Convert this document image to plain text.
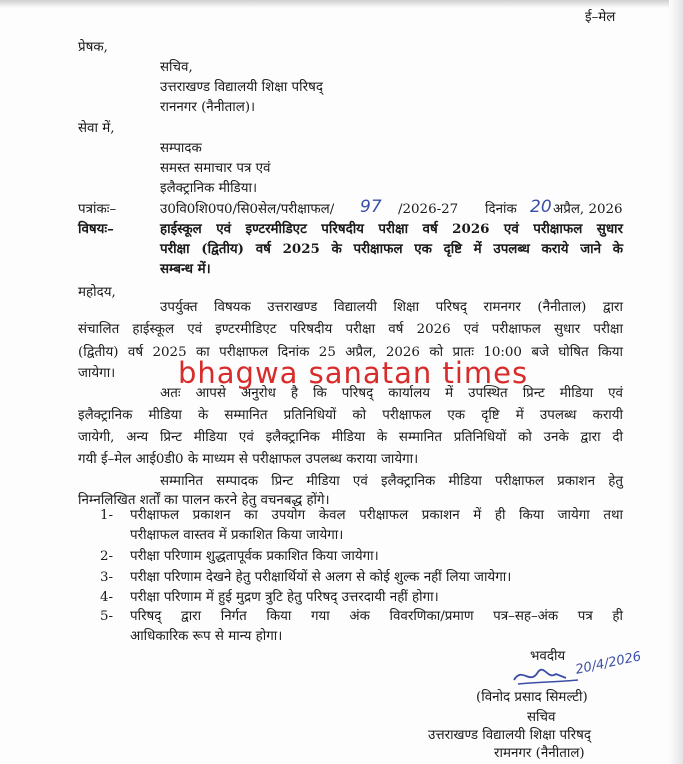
ई–मेल
प्रेषक,
सचिव,
उत्तराखण्ड विद्यालयी शिक्षा परिषद्
राननगर (नैनीताल)।
सेवा में,
सम्पादक
समस्त समाचार पत्र एवं
इलैक्ट्रानिक मीडिया।
पत्रांकः–	उ0वि0शि0प0/सि0सेल/परीक्षाफल/ 97 /2026-27 दिनांक 20 अप्रैल, 2026
विषयः–	हाईस्कूल एवं इण्टरमीडिएट परिषदीय परीक्षा वर्ष 2026 एवं परीक्षाफल सुधार
परीक्षा (द्वितीय) वर्ष 2025 के परीक्षाफल एक दृष्टि में उपलब्ध कराये जाने के
सम्बन्ध में।
महोदय,
उपर्युक्त विषयक उत्तराखण्ड विद्यालयी शिक्षा परिषद् रामनगर (नैनीताल) द्वारा
संचालित हाईस्कूल एवं इण्टरमीडिएट परिषदीय परीक्षा वर्ष 2026 एवं परीक्षाफल सुधार परीक्षा
(द्वितीय) वर्ष 2025 का परीक्षाफल दिनांक 25 अप्रैल, 2026 को प्रातः 10:00 बजे घोषित किया
जायेगा।
अतः आपसे अनुरोध है कि परिषद् कार्यालय में उपस्थित प्रिन्ट मीडिया एवं
इलैक्ट्रानिक मीडिया के सम्मानित प्रतिनिधियों को परीक्षाफल एक दृष्टि में उपलब्ध करायी
जायेगी, अन्य प्रिन्ट मीडिया एवं इलैक्ट्रानिक मीडिया के सम्मानित प्रतिनिधियों को उनके द्वारा दी
गयी ई–मेल आई0डी0 के माध्यम से परीक्षाफल उपलब्ध कराया जायेगा।
सम्मानित सम्पादक प्रिन्ट मीडिया एवं इलैक्ट्रानिक मीडिया परीक्षाफल प्रकाशन हेतु
निम्नलिखित शर्तों का पालन करने हेतु वचनबद्ध होंगे।
1-	परीक्षाफल प्रकाशन का उपयोग केवल परीक्षाफल प्रकाशन में ही किया जायेगा तथा
परीक्षाफल वास्तव में प्रकाशित किया जायेगा।
2-	परीक्षा परिणाम शुद्धतापूर्वक प्रकाशित किया जायेगा।
3-	परीक्षा परिणाम देखने हेतु परीक्षार्थियों से अलग से कोई शुल्क नहीं लिया जायेगा।
4-	परीक्षा परिणाम में हुई मुद्रण त्रुटि हेतु परिषद् उत्तरदायी नहीं होगा।
5-	परिषद् द्वारा निर्गत किया गया अंक विवरणिका/प्रमाण पत्र–सह–अंक पत्र ही
आधिकारिक रूप से मान्य होगा।
भवदीय 20/4/2026
(विनोद प्रसाद सिमल्टी)
सचिव
उत्तराखण्ड विद्यालयी शिक्षा परिषद्
रामनगर (नैनीताल)
bhagwa sanatan times
